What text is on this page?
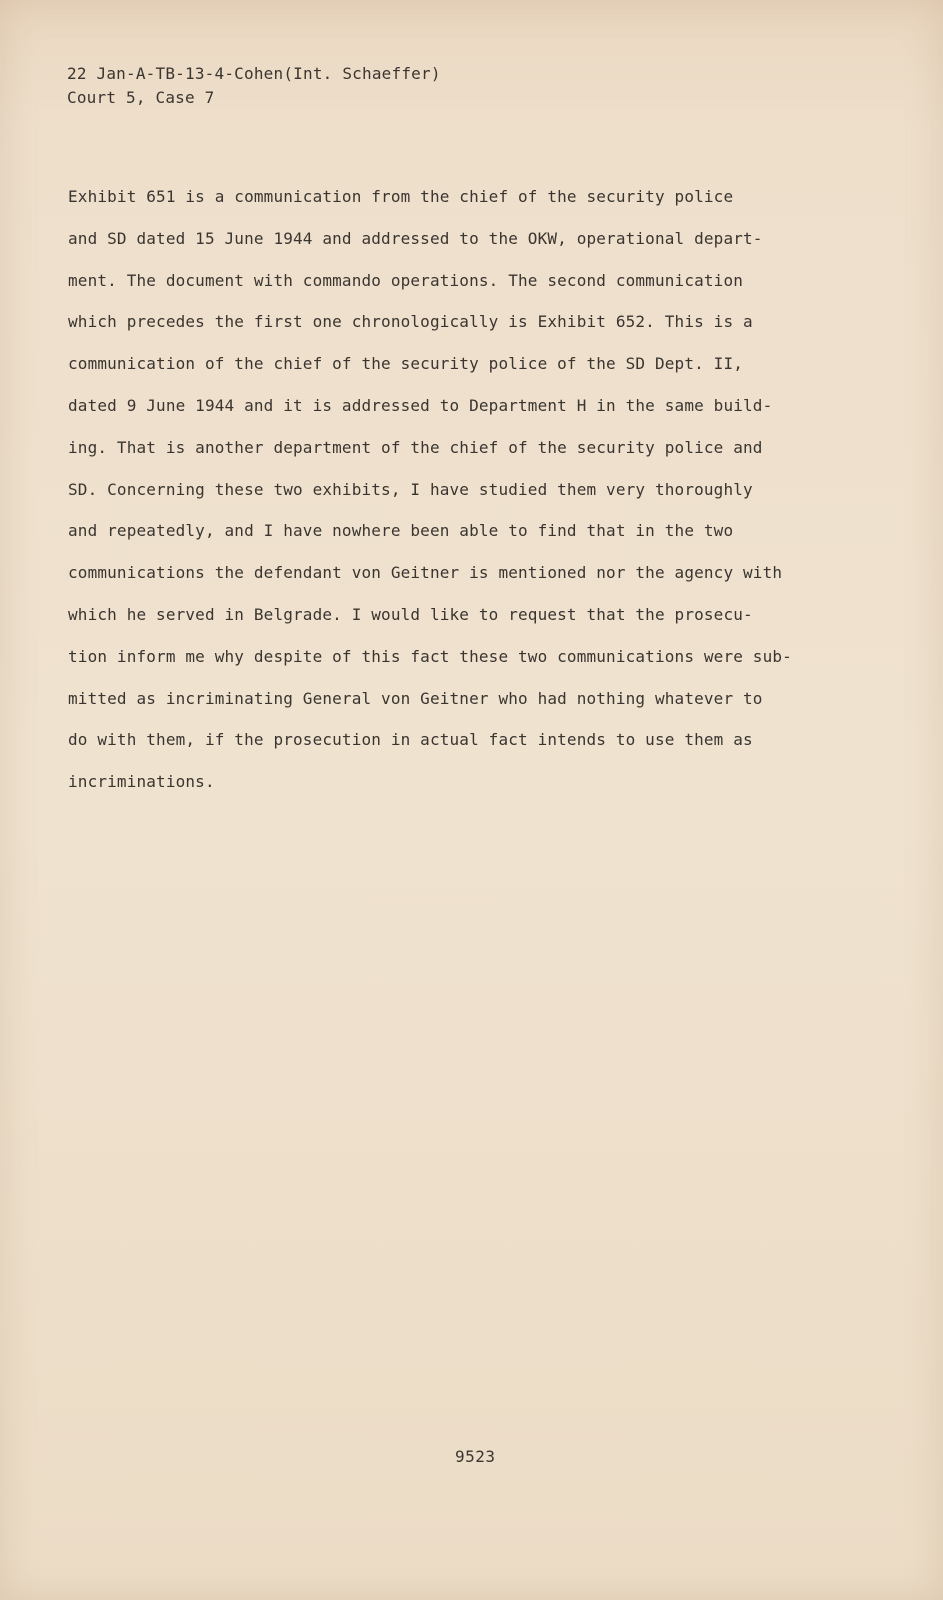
22 Jan-A-TB-13-4-Cohen(Int. Schaeffer)
Court 5, Case 7
Exhibit 651 is a communication from the chief of the security police
and SD dated 15 June 1944 and addressed to the OKW, operational depart-
ment. The document with commando operations. The second communication
which precedes the first one chronologically is Exhibit 652. This is a
communication of the chief of the security police of the SD Dept. II,
dated 9 June 1944 and it is addressed to Department H in the same build-
ing. That is another department of the chief of the security police and
SD. Concerning these two exhibits, I have studied them very thoroughly
and repeatedly, and I have nowhere been able to find that in the two
communications the defendant von Geitner is mentioned nor the agency with
which he served in Belgrade. I would like to request that the prosecu-
tion inform me why despite of this fact these two communications were sub-
mitted as incriminating General von Geitner who had nothing whatever to
do with them, if the prosecution in actual fact intends to use them as
incriminations.
9523
